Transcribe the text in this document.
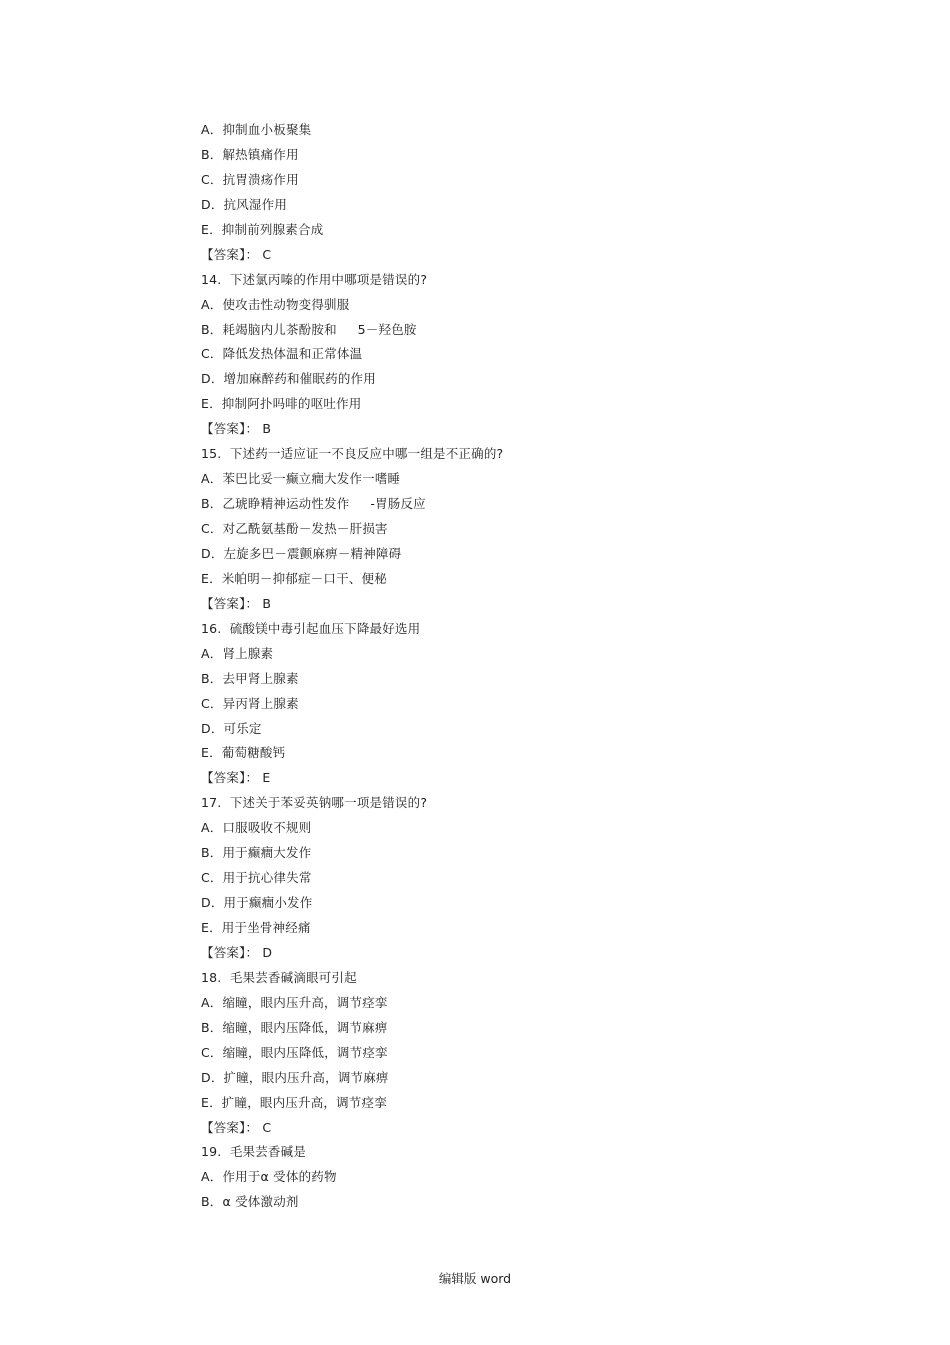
A．抑制血小板聚集
B．解热镇痛作用
C．抗胃溃疡作用
D．抗风湿作用
E．抑制前列腺素合成
【答案】： C
14.  下述氯丙嗪的作用中哪项是错误的?
A．使攻击性动物变得驯服
B．耗竭脑内儿茶酚胺和     5－羟色胺
C．降低发热体温和正常体温
D．增加麻醉药和催眠药的作用
E．抑制阿扑吗啡的呕吐作用
【答案】： B
15.  下述药一适应证一不良反应中哪一组是不正确的?
A．苯巴比妥一癫立癎大发作一嗜睡
B．乙琥睁精神运动性发作     -胃肠反应
C．对乙酰氨基酚－发热－肝损害
D．左旋多巴－震颤麻痹－精神障碍
E．米帕明－抑郁症－口干、便秘
【答案】： B
16.  硫酸镁中毒引起血压下降最好选用
A．肾上腺素
B．去甲肾上腺素
C．异丙肾上腺素
D．可乐定
E．葡萄糖酸钙
【答案】： E
17.  下述关于苯妥英钠哪一项是错误的?
A．口服吸收不规则
B．用于癫癎大发作
C．用于抗心律失常
D．用于癫癎小发作
E．用于坐骨神经痛
【答案】： D
18.  毛果芸香碱滴眼可引起
A．缩瞳，眼内压升高，调节痉挛
B．缩瞳，眼内压降低，调节麻痹
C．缩瞳，眼内压降低，调节痉挛
D．扩瞳，眼内压升高，调节麻痹
E．扩瞳，眼内压升高，调节痉挛
【答案】： C
19.  毛果芸香碱是
A．作用于α 受体的药物
B．α 受体激动剂
编辑版 word
